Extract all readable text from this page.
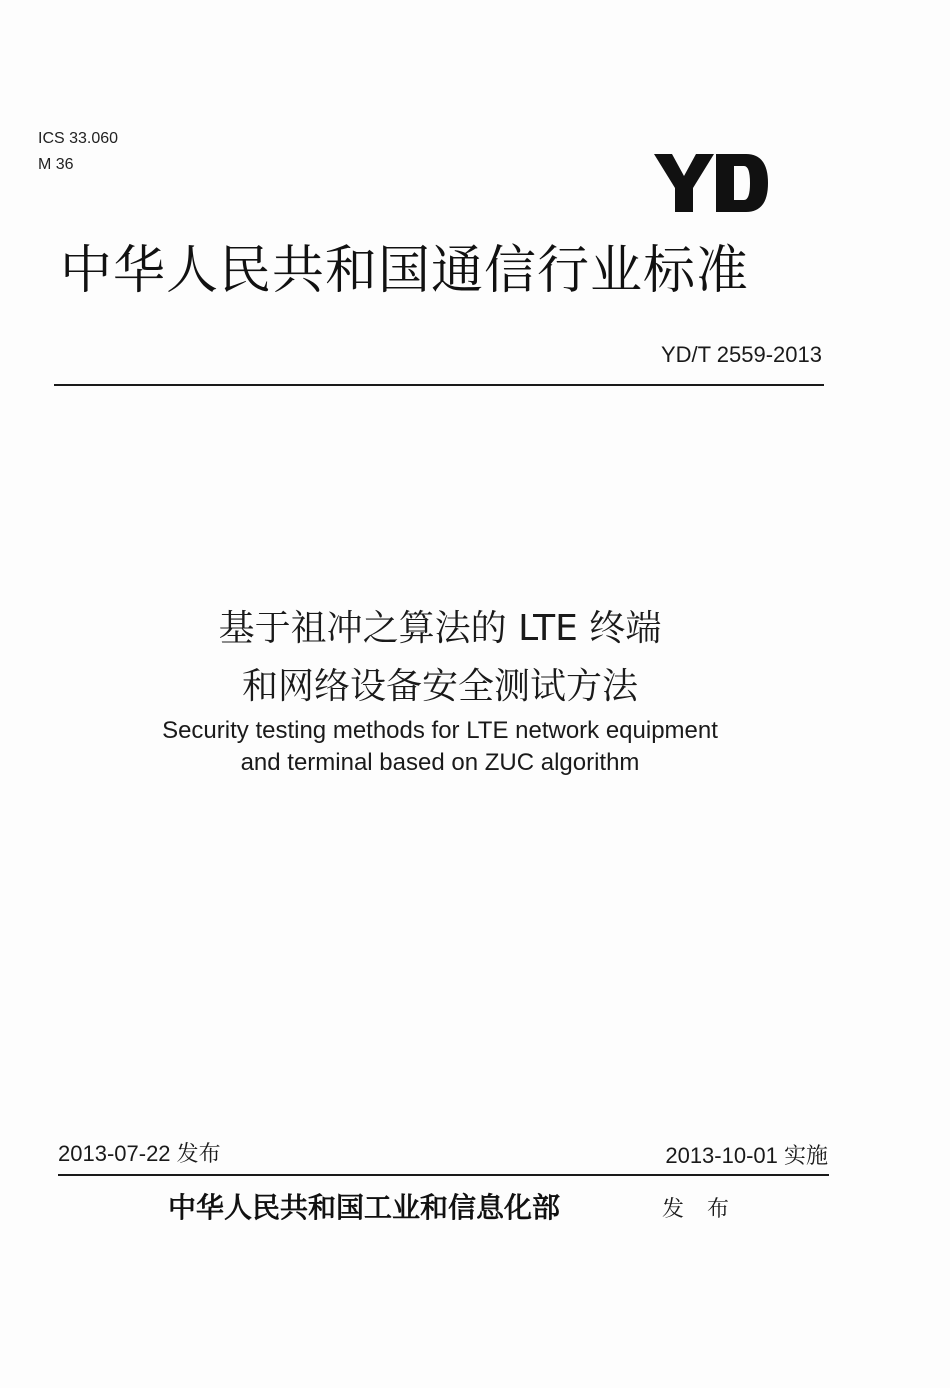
ICS 33.060
M 36
中华人民共和国通信行业标准
YD/T 2559-2013
基于祖冲之算法的 LTE 终端
和网络设备安全测试方法
Security testing methods for LTE network equipment
and terminal based on ZUC algorithm
2013-07-22 发布	2013-10-01 实施
中华人民共和国工业和信息化部	发 布
